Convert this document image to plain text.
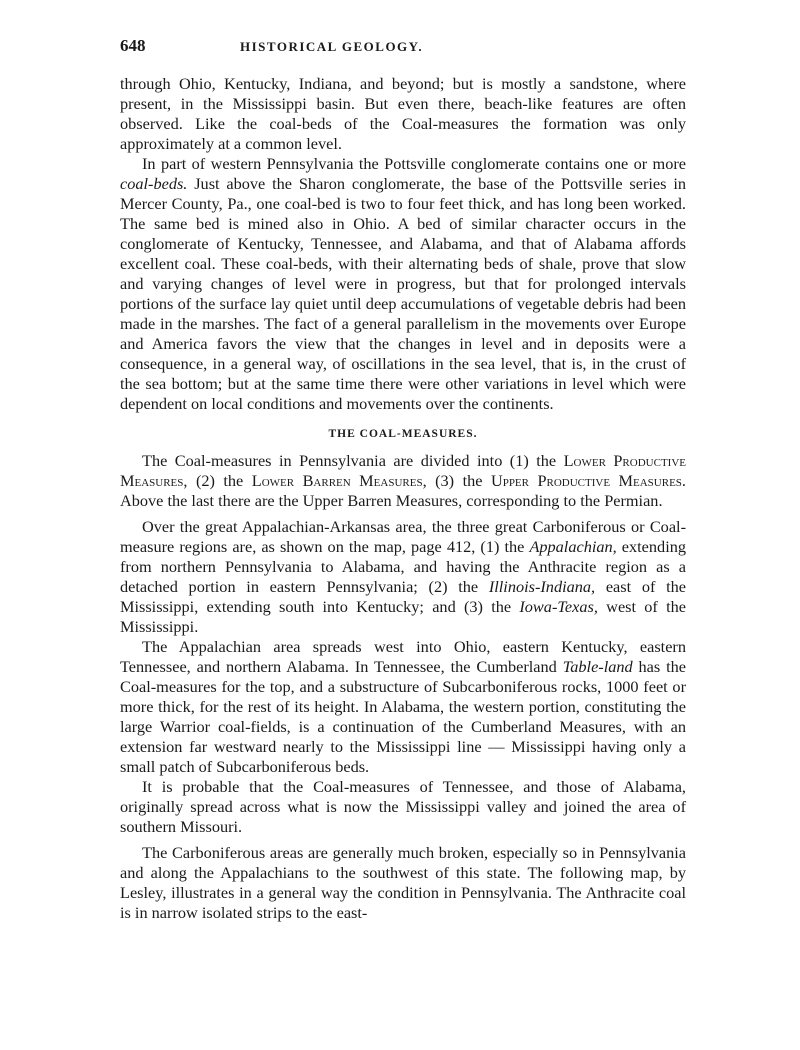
648	HISTORICAL GEOLOGY.

through Ohio, Kentucky, Indiana, and beyond; but is mostly a sandstone, where present, in the Mississippi basin. But even there, beach-like features are often observed. Like the coal-beds of the Coal-measures the formation was only approximately at a common level.

In part of western Pennsylvania the Pottsville conglomerate contains one or more coal-beds. Just above the Sharon conglomerate, the base of the Pottsville series in Mercer County, Pa., one coal-bed is two to four feet thick, and has long been worked. The same bed is mined also in Ohio. A bed of similar character occurs in the conglomerate of Kentucky, Tennessee, and Alabama, and that of Alabama affords excellent coal. These coal-beds, with their alternating beds of shale, prove that slow and varying changes of level were in progress, but that for prolonged intervals portions of the surface lay quiet until deep accumulations of vegetable debris had been made in the marshes. The fact of a general parallelism in the movements over Europe and America favors the view that the changes in level and in deposits were a consequence, in a general way, of oscillations in the sea level, that is, in the crust of the sea bottom; but at the same time there were other variations in level which were dependent on local conditions and movements over the continents.

THE COAL-MEASURES.

The Coal-measures in Pennsylvania are divided into (1) the Lower Productive Measures, (2) the Lower Barren Measures, (3) the Upper Productive Measures. Above the last there are the Upper Barren Measures, corresponding to the Permian.

Over the great Appalachian-Arkansas area, the three great Carboniferous or Coal-measure regions are, as shown on the map, page 412, (1) the Appalachian, extending from northern Pennsylvania to Alabama, and having the Anthracite region as a detached portion in eastern Pennsylvania; (2) the Illinois-Indiana, east of the Mississippi, extending south into Kentucky; and (3) the Iowa-Texas, west of the Mississippi.

The Appalachian area spreads west into Ohio, eastern Kentucky, eastern Tennessee, and northern Alabama. In Tennessee, the Cumberland Table-land has the Coal-measures for the top, and a substructure of Subcarboniferous rocks, 1000 feet or more thick, for the rest of its height. In Alabama, the western portion, constituting the large Warrior coal-fields, is a continuation of the Cumberland Measures, with an extension far westward nearly to the Mississippi line — Mississippi having only a small patch of Subcarboniferous beds.

It is probable that the Coal-measures of Tennessee, and those of Alabama, originally spread across what is now the Mississippi valley and joined the area of southern Missouri.

The Carboniferous areas are generally much broken, especially so in Pennsylvania and along the Appalachians to the southwest of this state. The following map, by Lesley, illustrates in a general way the condition in Pennsylvania. The Anthracite coal is in narrow isolated strips to the east-
